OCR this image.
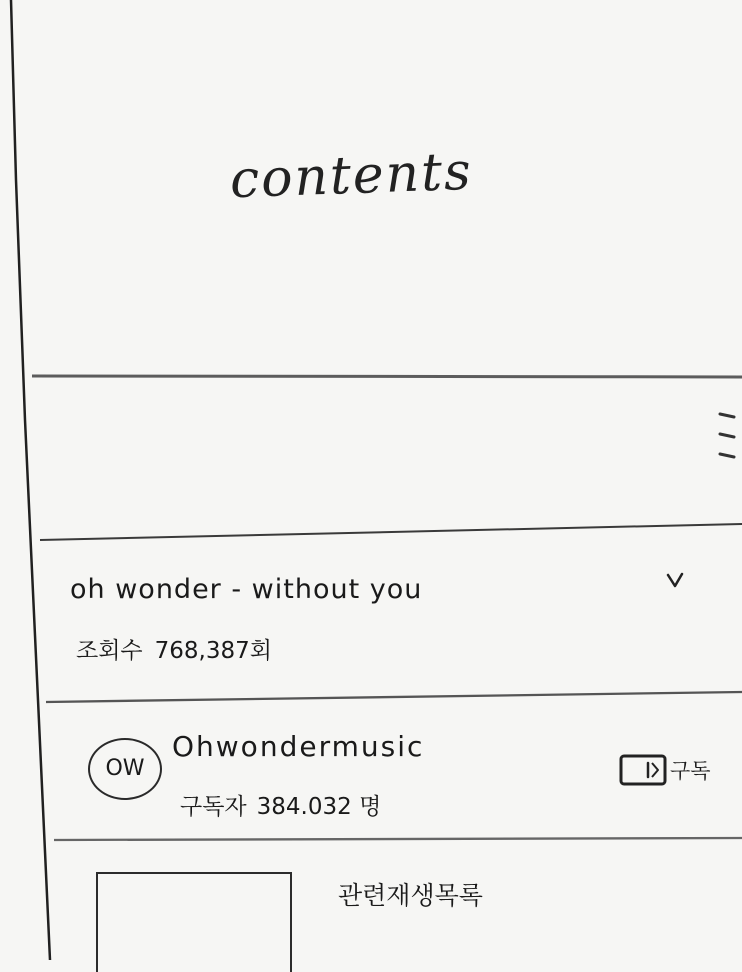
contents
oh wonder - without you
조회수 768,387회
OW
Ohwondermusic
구독자 384.032 명
구독
관련재생목록
